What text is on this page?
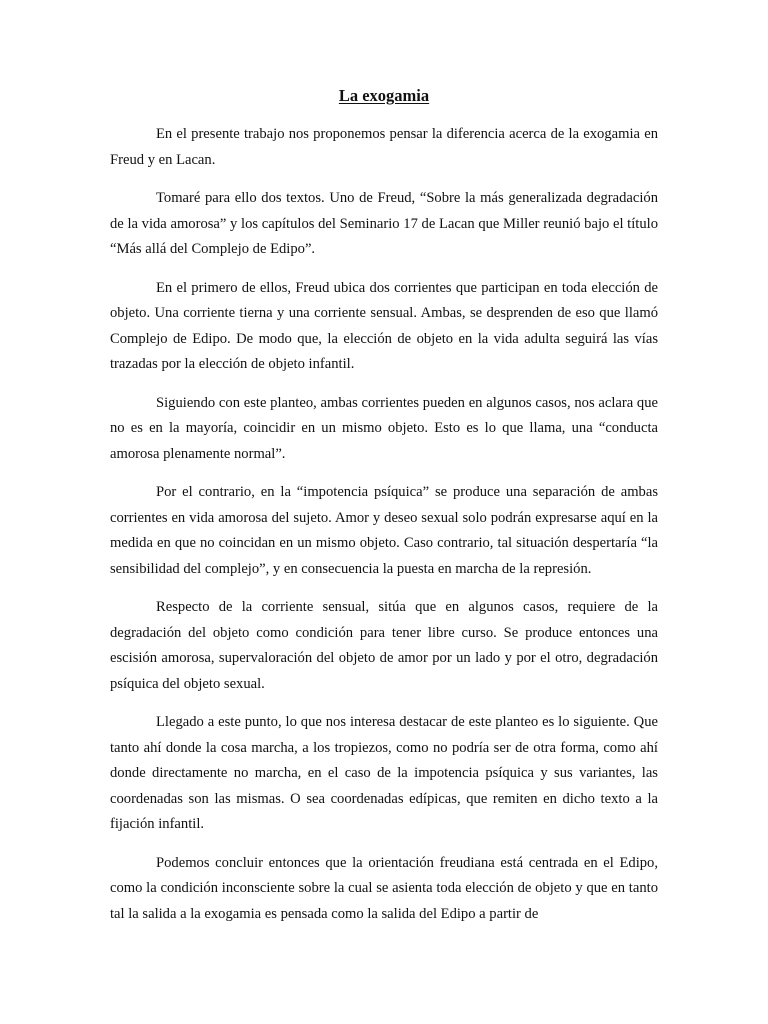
La exogamia

En el presente trabajo nos proponemos pensar la diferencia acerca de la exogamia en Freud y en Lacan.

Tomaré para ello dos textos. Uno de Freud, “Sobre la más generalizada degradación de la vida amorosa” y los capítulos del Seminario 17 de Lacan que Miller reunió bajo el título “Más allá del Complejo de Edipo”.

En el primero de ellos, Freud ubica dos corrientes que participan en toda elección de objeto. Una corriente tierna y una corriente sensual. Ambas, se desprenden de eso que llamó Complejo de Edipo. De modo que, la elección de objeto en la vida adulta seguirá las vías trazadas por la elección de objeto infantil.

Siguiendo con este planteo, ambas corrientes pueden en algunos casos, nos aclara que no es en la mayoría, coincidir en un mismo objeto. Esto es lo que llama, una “conducta amorosa plenamente normal”.

Por el contrario, en la “impotencia psíquica” se produce una separación de ambas corrientes en vida amorosa del sujeto. Amor y deseo sexual solo podrán expresarse aquí en la medida en que no coincidan en un mismo objeto. Caso contrario, tal situación despertaría “la sensibilidad del complejo”, y en consecuencia la puesta en marcha de la represión.

Respecto de la corriente sensual, sitúa que en algunos casos, requiere de la degradación del objeto como condición para tener libre curso. Se produce entonces una escisión amorosa, supervaloración del objeto de amor por un lado y por el otro, degradación psíquica del objeto sexual.

Llegado a este punto, lo que nos interesa destacar de este planteo es lo siguiente. Que tanto ahí donde la cosa marcha, a los tropiezos, como no podría ser de otra forma, como ahí donde directamente no marcha, en el caso de la impotencia psíquica y sus variantes, las coordenadas son las mismas. O sea coordenadas edípicas, que remiten en dicho texto a la fijación infantil.

Podemos concluir entonces que la orientación freudiana está centrada en el Edipo, como la condición inconsciente sobre la cual se asienta toda elección de objeto y que en tanto tal la salida a la exogamia es pensada como la salida del Edipo a partir de
